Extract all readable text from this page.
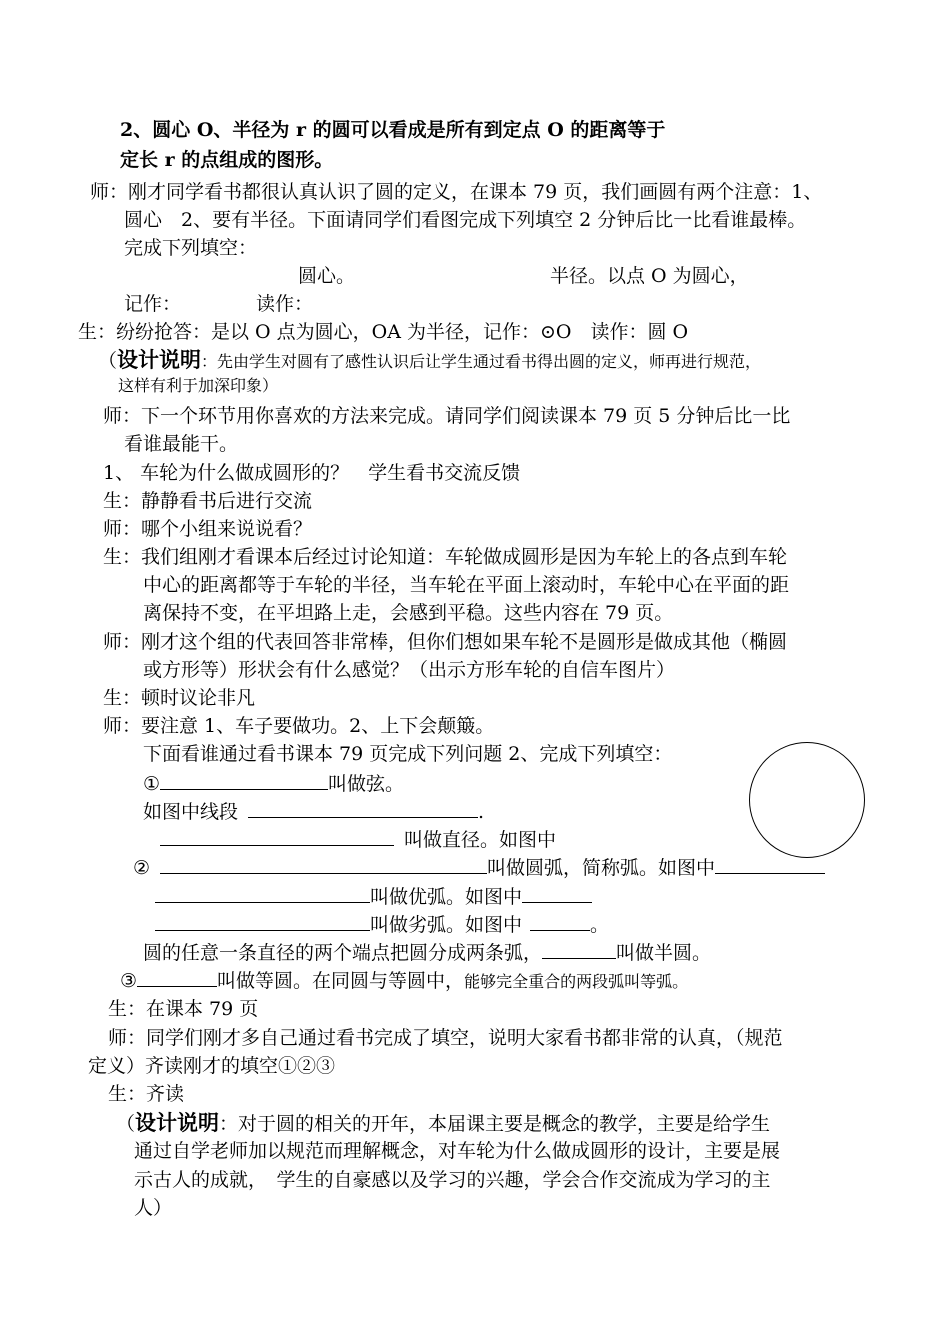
2、圆心 O、半径为 r 的圆可以看成是所有到定点 O 的距离等于
定长 r 的点组成的图形。
师：刚才同学看书都很认真认识了圆的定义，在课本 79 页，我们画圆有两个注意：1、
圆心　2、要有半径。下面请同学们看图完成下列填空 2 分钟后比一比看谁最棒。
完成下列填空：
圆心。	半径。以点 O 为圆心，
记作：	读作：
生：纷纷抢答：是以 O 点为圆心，OA 为半径，记作：⊙O　读作：圆 O
（设计说明：先由学生对圆有了感性认识后让学生通过看书得出圆的定义，师再进行规范，
这样有利于加深印象）
师：下一个环节用你喜欢的方法来完成。请同学们阅读课本 79 页 5 分钟后比一比
看谁最能干。
1、 车轮为什么做成圆形的？　学生看书交流反馈
生：静静看书后进行交流
师：哪个小组来说说看？
生：我们组刚才看课本后经过讨论知道：车轮做成圆形是因为车轮上的各点到车轮
中心的距离都等于车轮的半径，当车轮在平面上滚动时，车轮中心在平面的距
离保持不变，在平坦路上走，会感到平稳。这些内容在 79 页。
师：刚才这个组的代表回答非常棒，但你们想如果车轮不是圆形是做成其他（椭圆
或方形等）形状会有什么感觉？（出示方形车轮的自信车图片）
生：顿时议论非凡
师：要注意 1、车子要做功。2、上下会颠簸。
下面看谁通过看书课本 79 页完成下列问题 2、完成下列填空：
①	叫做弦。
如图中线段	.
叫做直径。如图中
②	叫做圆弧，简称弧。如图中
叫做优弧。如图中
叫做劣弧。如图中	。
圆的任意一条直径的两个端点把圆分成两条弧，	叫做半圆。
③	叫做等圆。在同圆与等圆中，能够完全重合的两段弧叫等弧。
生：在课本 79 页
师：同学们刚才多自己通过看书完成了填空，说明大家看书都非常的认真，（规范
定义）齐读刚才的填空①②③
生：齐读
（设计说明：对于圆的相关的开年，本届课主要是概念的教学，主要是给学生
通过自学老师加以规范而理解概念，对车轮为什么做成圆形的设计，主要是展
示古人的成就，　学生的自豪感以及学习的兴趣，学会合作交流成为学习的主
人）
